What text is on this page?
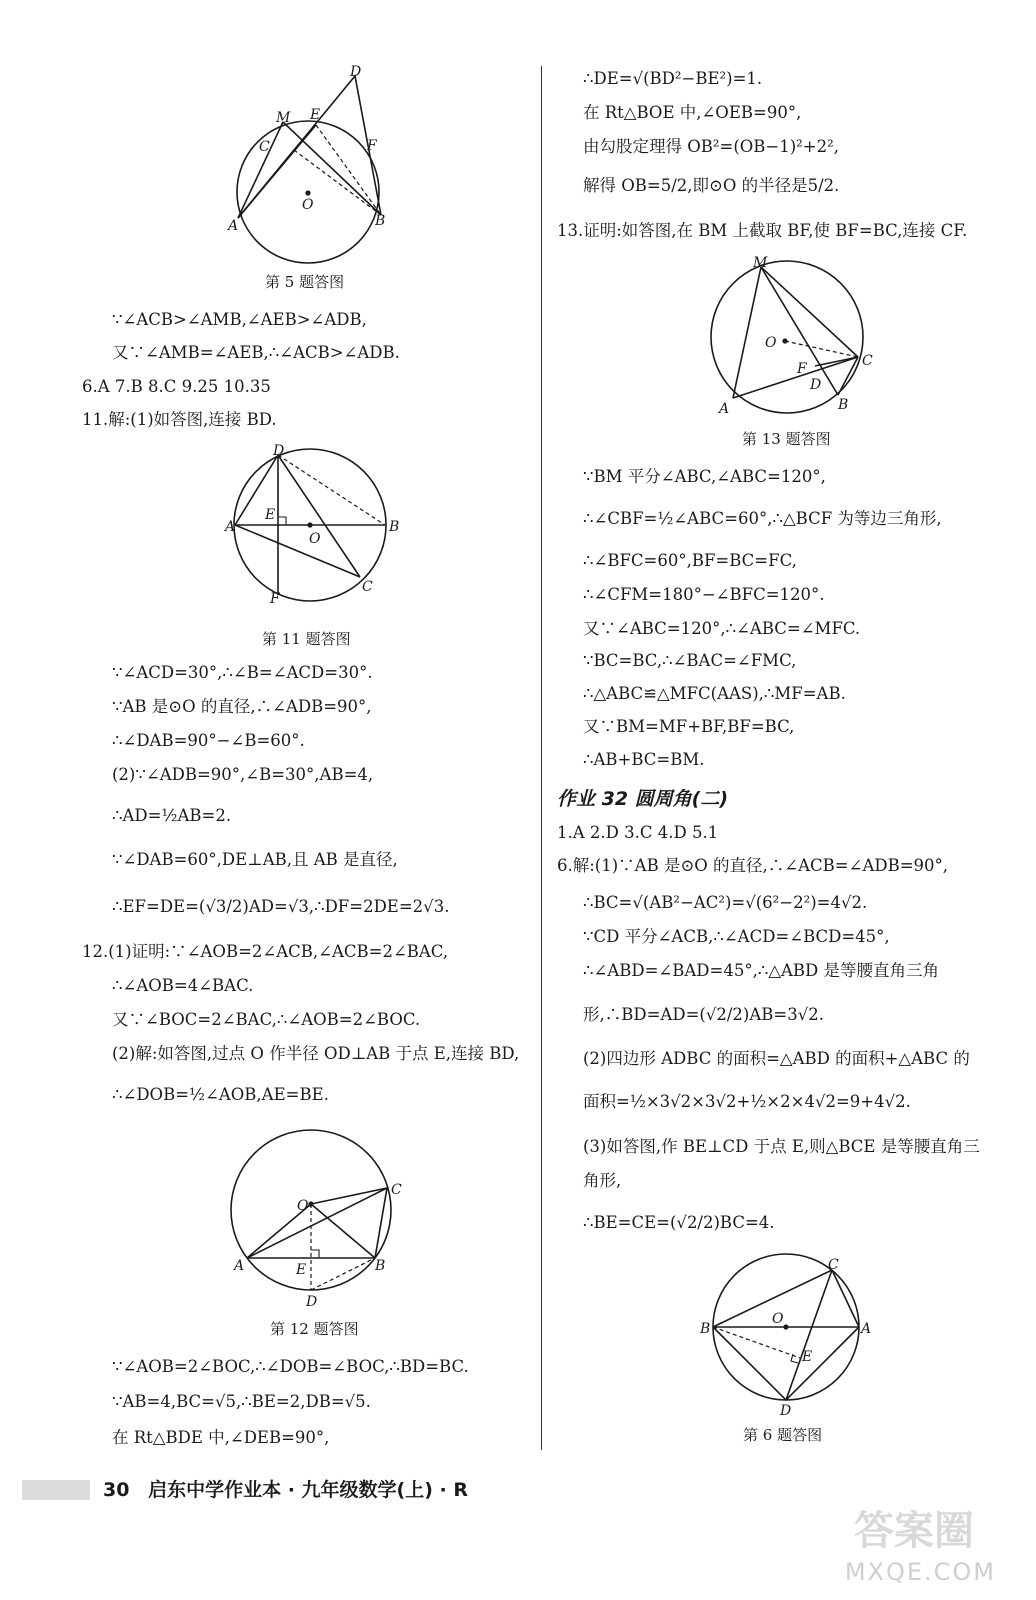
D
M E
C	F
O
A	B
第 5 题答图
∵∠ACB>∠AMB,∠AEB>∠ADB,
又∵∠AMB=∠AEB,∴∠ACB>∠ADB.
6.A 7.B 8.C 9.25 10.35
11.解:(1)如答图,连接 BD.
D
A
E
O
B
C
F
第 11 题答图
∵∠ACD=30°,∴∠B=∠ACD=30°.
∵AB 是⊙O 的直径,∴∠ADB=90°,
∴∠DAB=90°−∠B=60°.
(2)∵∠ADB=90°,∠B=30°,AB=4,
∴AD=½AB=2.
∵∠DAB=60°,DE⊥AB,且 AB 是直径,
∴EF=DE=(√3/2)AD=√3,∴DF=2DE=2√3.
12.(1)证明:∵∠AOB=2∠ACB,∠ACB=2∠BAC,
∴∠AOB=4∠BAC.
又∵∠BOC=2∠BAC,∴∠AOB=2∠BOC.
(2)解:如答图,过点 O 作半径 OD⊥AB 于点 E,连接 BD,
∴∠DOB=½∠AOB,AE=BE.
O
C
A	E	B
D
第 12 题答图
∵∠AOB=2∠BOC,∴∠DOB=∠BOC,∴BD=BC.
∵AB=4,BC=√5,∴BE=2,DB=√5.
在 Rt△BDE 中,∠DEB=90°,
∴DE=√(BD²−BE²)=1.
在 Rt△BOE 中,∠OEB=90°,
由勾股定理得 OB²=(OB−1)²+2²,
解得 OB=5/2,即⊙O 的半径是5/2.
13.证明:如答图,在 BM 上截取 BF,使 BF=BC,连接 CF.
M
O
C
F
D
A	B
第 13 题答图
∵BM 平分∠ABC,∠ABC=120°,
∴∠CBF=½∠ABC=60°,∴△BCF 为等边三角形,
∴∠BFC=60°,BF=BC=FC,
∴∠CFM=180°−∠BFC=120°.
又∵∠ABC=120°,∴∠ABC=∠MFC.
∵BC=BC,∴∠BAC=∠FMC,
∴△ABC≌△MFC(AAS),∴MF=AB.
又∵BM=MF+BF,BF=BC,
∴AB+BC=BM.
作业 32 圆周角(二)
1.A 2.D 3.C 4.D 5.1
6.解:(1)∵AB 是⊙O 的直径,∴∠ACB=∠ADB=90°,
∴BC=√(AB²−AC²)=√(6²−2²)=4√2.
∵CD 平分∠ACB,∴∠ACD=∠BCD=45°,
∴∠ABD=∠BAD=45°,∴△ABD 是等腰直角三角
形,∴BD=AD=(√2/2)AB=3√2.
(2)四边形 ADBC 的面积=△ABD 的面积+△ABC 的
面积=½×3√2×3√2+½×2×4√2=9+4√2.
(3)如答图,作 BE⊥CD 于点 E,则△BCE 是等腰直角三
角形,
∴BE=CE=(√2/2)BC=4.
C
O
B	A
E
D
第 6 题答图
30 启东中学作业本 · 九年级数学(上) · R
答案圈
MXQE.COM
